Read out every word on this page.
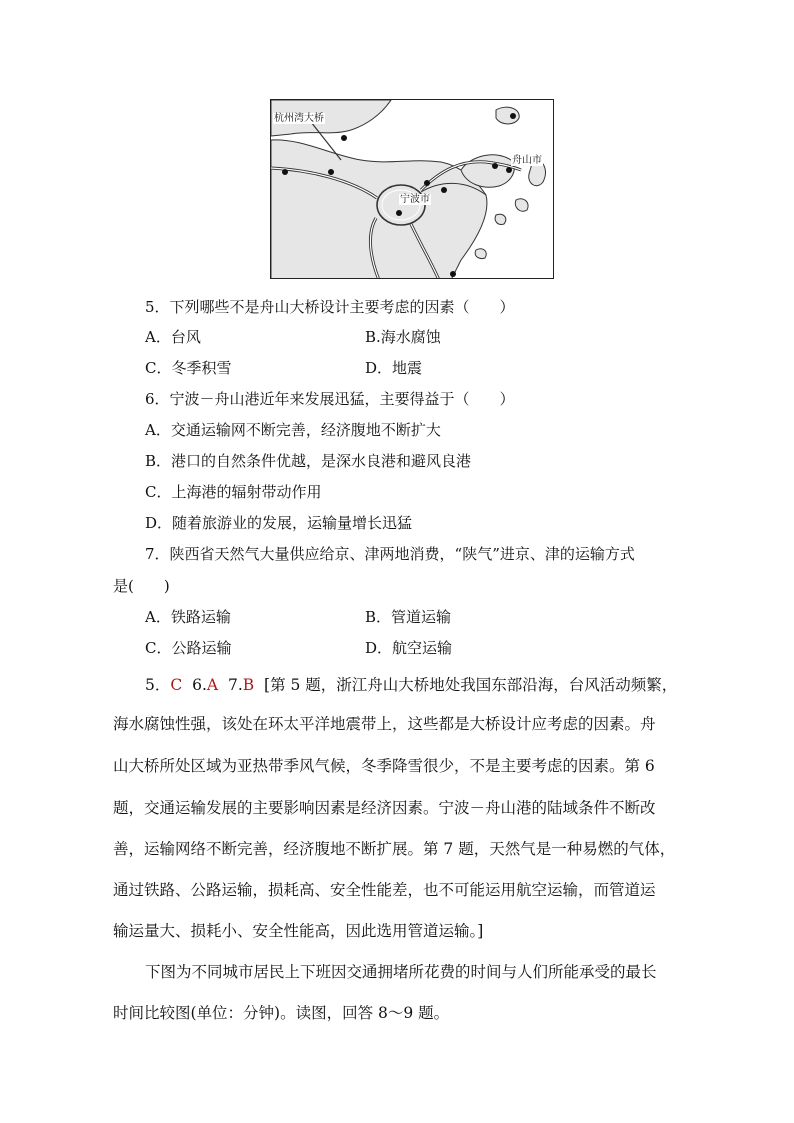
杭州湾大桥
舟山市
宁波市
5．下列哪些不是舟山大桥设计主要考虑的因素（　　）
A．台风	B.海水腐蚀
C．冬季积雪	D．地震
6．宁波－舟山港近年来发展迅猛，主要得益于（　　）
A．交通运输网不断完善，经济腹地不断扩大
B．港口的自然条件优越，是深水良港和避风良港
C．上海港的辐射带动作用
D．随着旅游业的发展，运输量增长迅猛
7．陕西省天然气大量供应给京、津两地消费，“陕气”进京、津的运输方式
是(　　)
A．铁路运输	B．管道运输
C．公路运输	D．航空运输
5．C 6.A 7.B [第 5 题，浙江舟山大桥地处我国东部沿海，台风活动频繁，
海水腐蚀性强，该处在环太平洋地震带上，这些都是大桥设计应考虑的因素。舟
山大桥所处区域为亚热带季风气候，冬季降雪很少，不是主要考虑的因素。第 6
题，交通运输发展的主要影响因素是经济因素。宁波－舟山港的陆域条件不断改
善，运输网络不断完善，经济腹地不断扩展。第 7 题，天然气是一种易燃的气体，
通过铁路、公路运输，损耗高、安全性能差，也不可能运用航空运输，而管道运
输运量大、损耗小、安全性能高，因此选用管道运输。]
下图为不同城市居民上下班因交通拥堵所花费的时间与人们所能承受的最长
时间比较图(单位：分钟)。读图，回答 8～9 题。
